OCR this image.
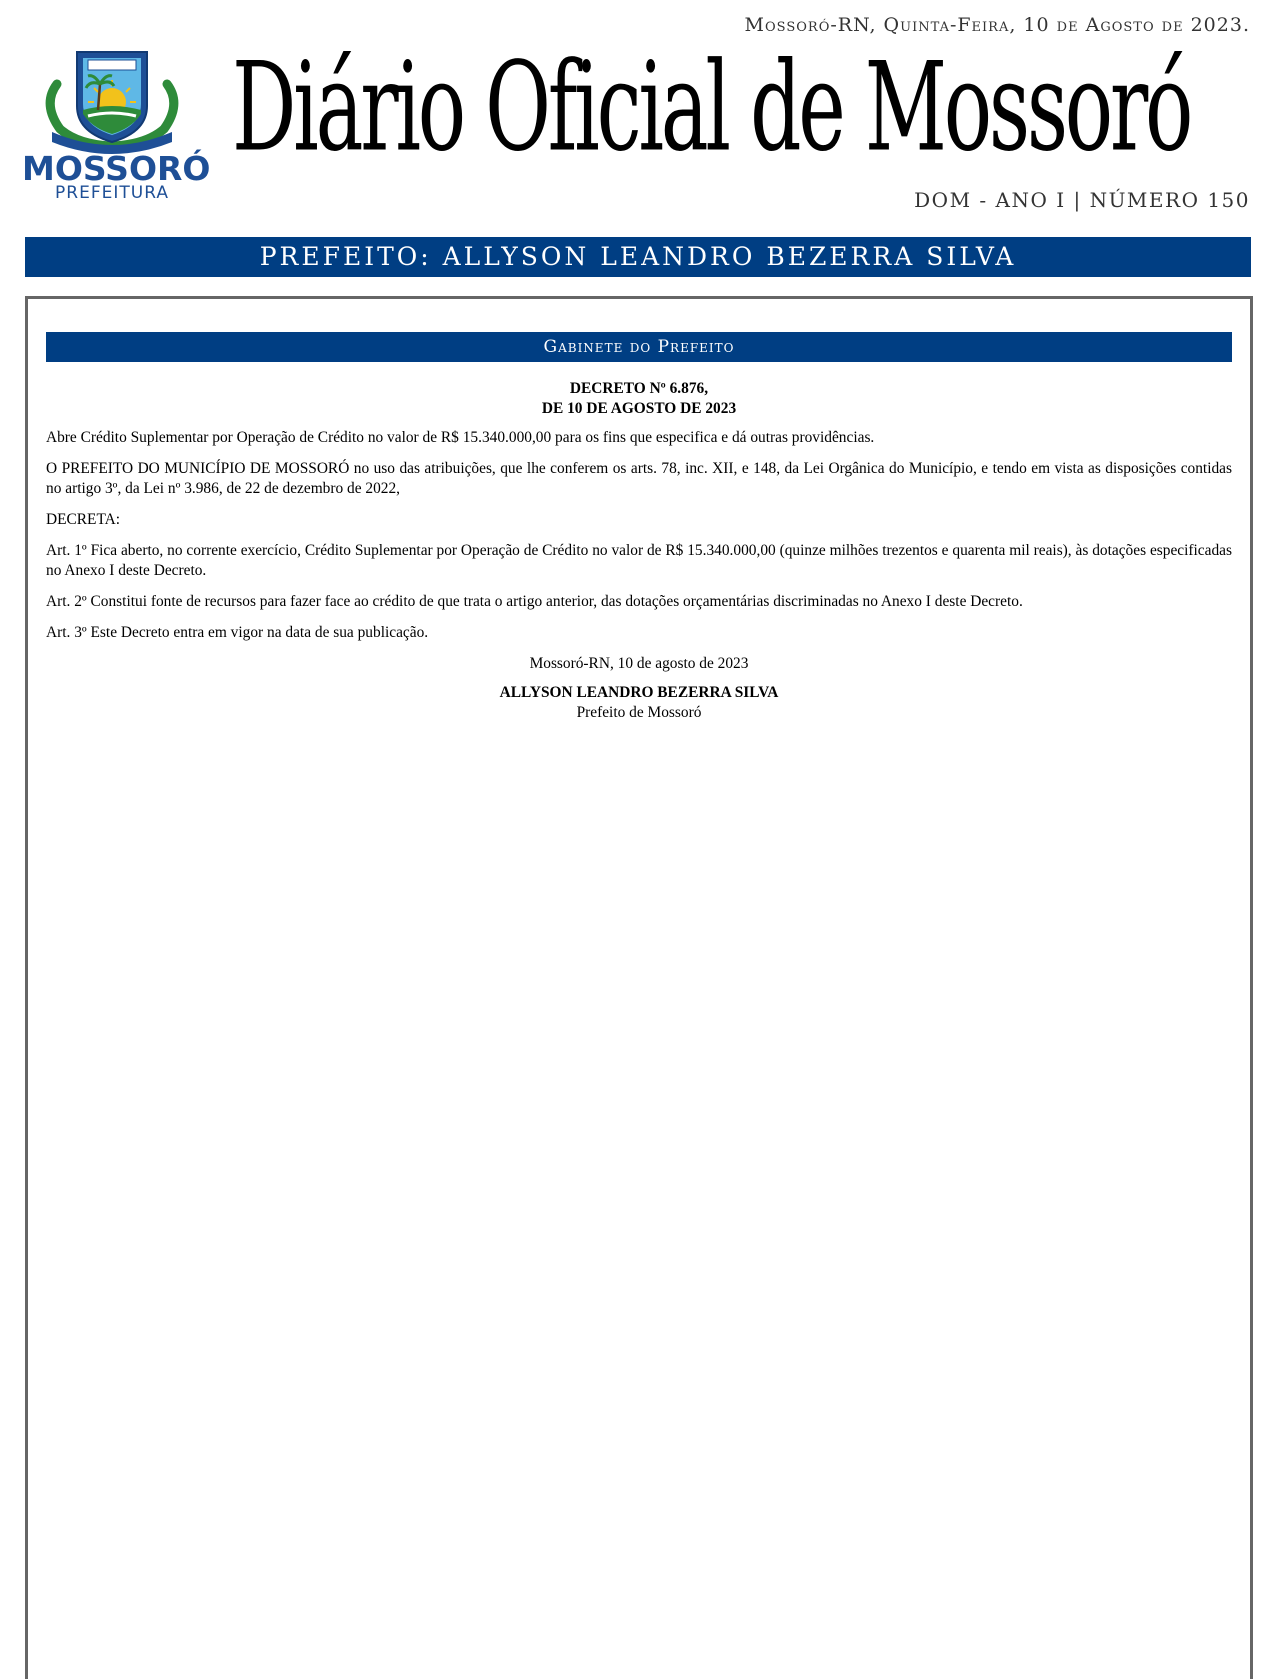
Mossoró-RN, Quinta-Feira, 10 de Agosto de 2023.
MOSSORÓ
PREFEITURA
Diário Oficial de Mossoró
DOM - ANO I | NÚMERO 150
PREFEITO: ALLYSON LEANDRO BEZERRA SILVA
Gabinete do Prefeito
DECRETO Nº 6.876,
DE 10 DE AGOSTO DE 2023

Abre Crédito Suplementar por Operação de Crédito no valor de R$ 15.340.000,00 para os fins que especifica e dá outras providências.

O PREFEITO DO MUNICÍPIO DE MOSSORÓ no uso das atribuições, que lhe conferem os arts. 78, inc. XII, e 148, da Lei Orgânica do Município, e tendo em vista as disposições contidas no artigo 3º, da Lei nº 3.986, de 22 de dezembro de 2022,

DECRETA:

Art. 1º Fica aberto, no corrente exercício, Crédito Suplementar por Operação de Crédito no valor de R$ 15.340.000,00 (quinze milhões trezentos e quarenta mil reais), às dotações especificadas no Anexo I deste Decreto.

Art. 2º Constitui fonte de recursos para fazer face ao crédito de que trata o artigo anterior, das dotações orçamentárias discriminadas no Anexo I deste Decreto.

Art. 3º Este Decreto entra em vigor na data de sua publicação.

Mossoró-RN, 10 de agosto de 2023
ALLYSON LEANDRO BEZERRA SILVA
Prefeito de Mossoró
